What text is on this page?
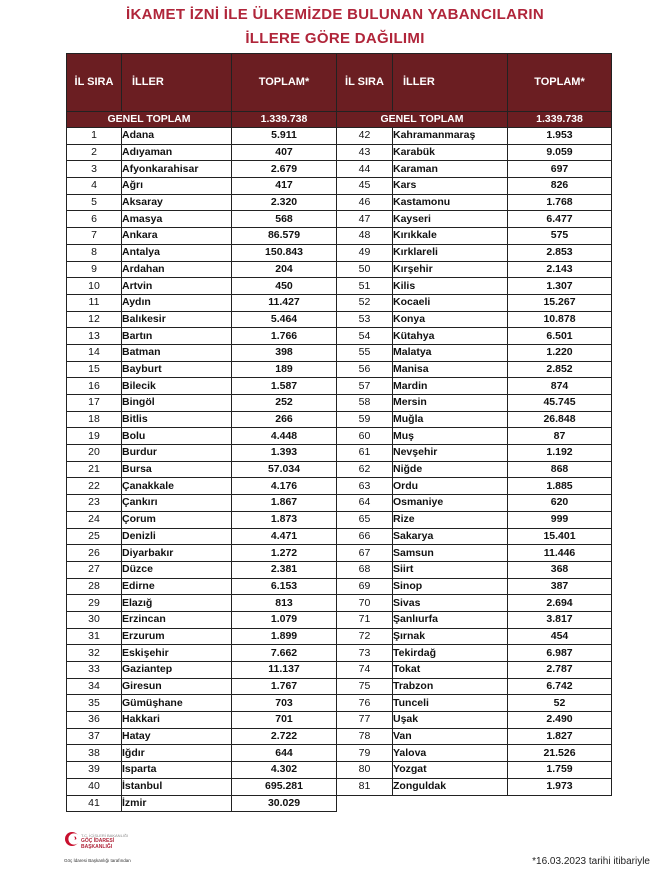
İKAMET İZNİ İLE ÜLKEMİZDE BULUNAN YABANCILARIN
İLLERE GÖRE DAĞILIMI
İL SIRA	İLLER	TOPLAM*	İL SIRA	İLLER	TOPLAM*
GENEL TOPLAM		1.339.738	GENEL TOPLAM		1.339.738
1	Adana	5.911	42	Kahramanmaraş	1.953
2	Adıyaman	407	43	Karabük	9.059
3	Afyonkarahisar	2.679	44	Karaman	697
4	Ağrı	417	45	Kars	826
5	Aksaray	2.320	46	Kastamonu	1.768
6	Amasya	568	47	Kayseri	6.477
7	Ankara	86.579	48	Kırıkkale	575
8	Antalya	150.843	49	Kırklareli	2.853
9	Ardahan	204	50	Kırşehir	2.143
10	Artvin	450	51	Kilis	1.307
11	Aydın	11.427	52	Kocaeli	15.267
12	Balıkesir	5.464	53	Konya	10.878
13	Bartın	1.766	54	Kütahya	6.501
14	Batman	398	55	Malatya	1.220
15	Bayburt	189	56	Manisa	2.852
16	Bilecik	1.587	57	Mardin	874
17	Bingöl	252	58	Mersin	45.745
18	Bitlis	266	59	Muğla	26.848
19	Bolu	4.448	60	Muş	87
20	Burdur	1.393	61	Nevşehir	1.192
21	Bursa	57.034	62	Niğde	868
22	Çanakkale	4.176	63	Ordu	1.885
23	Çankırı	1.867	64	Osmaniye	620
24	Çorum	1.873	65	Rize	999
25	Denizli	4.471	66	Sakarya	15.401
26	Diyarbakır	1.272	67	Samsun	11.446
27	Düzce	2.381	68	Siirt	368
28	Edirne	6.153	69	Sinop	387
29	Elazığ	813	70	Sivas	2.694
30	Erzincan	1.079	71	Şanlıurfa	3.817
31	Erzurum	1.899	72	Şırnak	454
32	Eskişehir	7.662	73	Tekirdağ	6.987
33	Gaziantep	11.137	74	Tokat	2.787
34	Giresun	1.767	75	Trabzon	6.742
35	Gümüşhane	703	76	Tunceli	52
36	Hakkari	701	77	Uşak	2.490
37	Hatay	2.722	78	Van	1.827
38	Iğdır	644	79	Yalova	21.526
39	Isparta	4.302	80	Yozgat	1.759
40	İstanbul	695.281	81	Zonguldak	1.973
41	İzmir	30.029			
T.C. İÇİŞLERİ BAKANLIĞI
GÖÇ İDARESİ BAŞKANLIĞI
Göç İdaresi Başkanlığı tarafından	*16.03.2023 tarihi itibariyle
